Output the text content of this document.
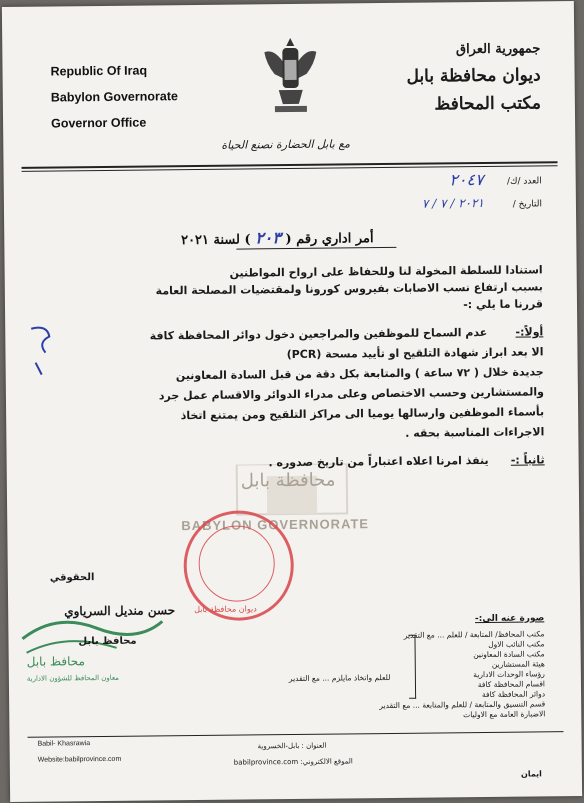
Republic Of Iraq
Babylon Governorate
Governor Office
جمهورية العراق
ديوان محافظة بابل
مكتب المحافظ
مع بابل الحضارة نصنع الحياة
العدد /ك/
٢٠٤٧
التاريخ /
٢٠٢١ / ٧ / ٧
أمر اداري رقم ( ٢٠٣ ) لسنة ٢٠٢١
محافظة بابل
BABYLON GOVERNORATE
استنادا للسلطة المخولة لنا وللحفاظ على ارواح المواطنين
بسبب ارتفاع نسب الاصابات بفيروس كورونا ولمقتضيات المصلحة العامة
قررنا ما يلي :-
أولاً:-
عدم السماح للموظفين والمراجعين دخول دوائر المحافظة كافة
الا بعد ابراز شهادة التلقيح او تأييد مسحة (PCR)
جديدة خلال ( ٧٢ ساعة ) والمتابعة بكل دقة من قبل السادة المعاونين
والمستشارين وحسب الاختصاص وعلى مدراء الدوائر والاقسام عمل جرد
بأسماء الموظفين وارسالها يوميا الى مراكز التلقيح ومن يمتنع اتخاذ
الاجراءات المناسبة بحقه .
ثانياً :-
ينفذ امرنا اعلاه اعتباراً من تاريخ صدوره .
الحقوقي
حسن منديل السرياوي
محافظ بابل
محافظ بابل
معاون المحافظ للشؤون الادارية
ديوان محافظة بابل
صورة عنه الى:-
مكتب المحافظ/ المتابعة / للعلم ... مع التقدير
مكتب النائب الاول
مكتب السادة المعاونين
هيئة المستشارين
رؤساء الوحدات الادارية
اقسام المحافظة كافة
دوائر المحافظة كافة
قسم التنسيق والمتابعة / للعلم والمتابعة ... مع التقدير
الاضبارة العامة مع الاوليات
للعلم واتخاذ مايلزم ... مع التقدير
Babil- Khasrawia
Website:babilprovince.com
العنوان : بابل-الخسروية
الموقع الالكتروني: babilprovince.com
ايمان
